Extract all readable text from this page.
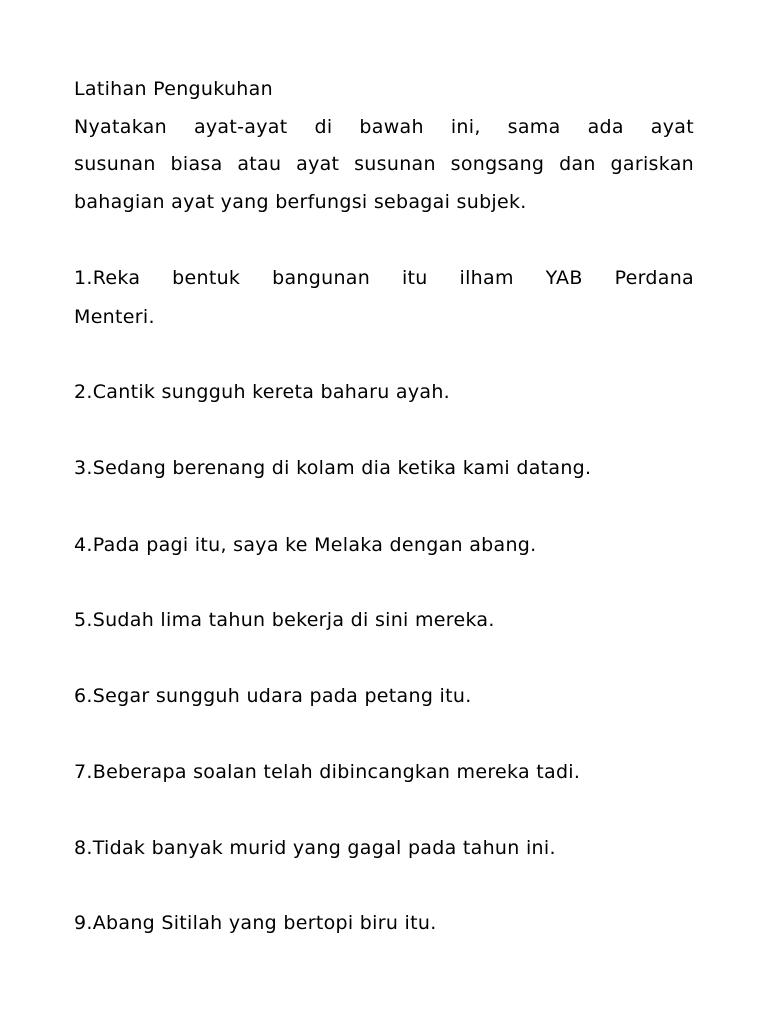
Latihan Pengukuhan
Nyatakan ayat-ayat di bawah ini, sama ada ayat
susunan biasa atau ayat susunan songsang dan gariskan
bahagian ayat yang berfungsi sebagai subjek.
1.Reka bentuk bangunan itu ilham YAB Perdana
Menteri.
2.Cantik sungguh kereta baharu ayah.
3.Sedang berenang di kolam dia ketika kami datang.
4.Pada pagi itu, saya ke Melaka dengan abang.
5.Sudah lima tahun bekerja di sini mereka.
6.Segar sungguh udara pada petang itu.
7.Beberapa soalan telah dibincangkan mereka tadi.
8.Tidak banyak murid yang gagal pada tahun ini.
9.Abang Sitilah yang bertopi biru itu.
